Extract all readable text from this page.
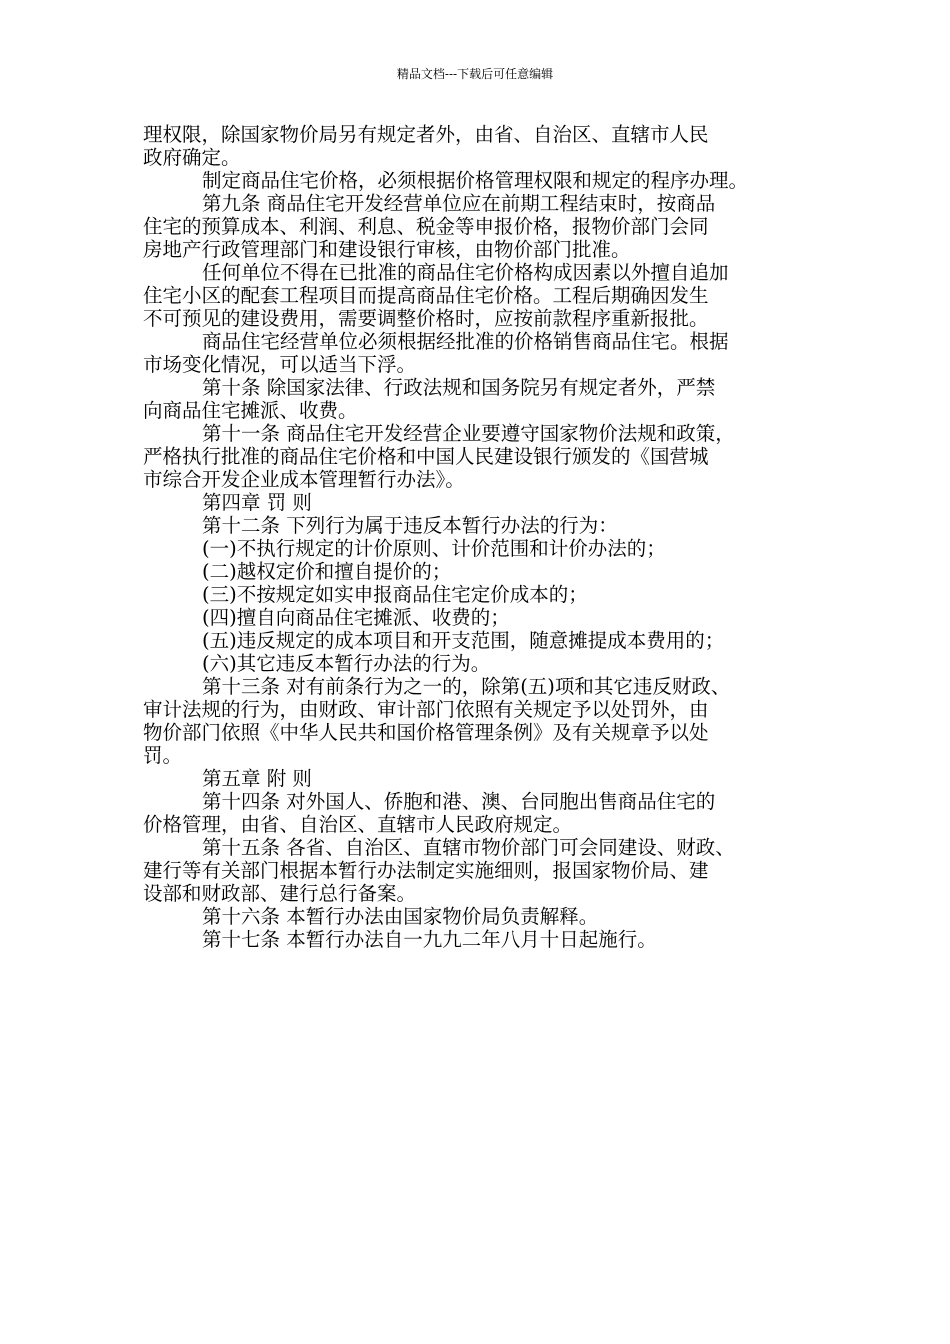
精品文档---下载后可任意编辑

理权限，除国家物价局另有规定者外，由省、自治区、直辖市人民

政府确定。

制定商品住宅价格，必须根据价格管理权限和规定的程序办理。

第九条 商品住宅开发经营单位应在前期工程结束时，按商品

住宅的预算成本、利润、利息、税金等申报价格，报物价部门会同

房地产行政管理部门和建设银行审核，由物价部门批准。

任何单位不得在已批准的商品住宅价格构成因素以外擅自追加

住宅小区的配套工程项目而提高商品住宅价格。工程后期确因发生

不可预见的建设费用，需要调整价格时，应按前款程序重新报批。

商品住宅经营单位必须根据经批准的价格销售商品住宅。根据

市场变化情况，可以适当下浮。

第十条 除国家法律、行政法规和国务院另有规定者外，严禁

向商品住宅摊派、收费。

第十一条 商品住宅开发经营企业要遵守国家物价法规和政策，

严格执行批准的商品住宅价格和中国人民建设银行颁发的《国营城

市综合开发企业成本管理暂行办法》。

第四章 罚 则

第十二条 下列行为属于违反本暂行办法的行为：

(一)不执行规定的计价原则、计价范围和计价办法的；

(二)越权定价和擅自提价的；

(三)不按规定如实申报商品住宅定价成本的；

(四)擅自向商品住宅摊派、收费的；

(五)违反规定的成本项目和开支范围，随意摊提成本费用的；

(六)其它违反本暂行办法的行为。

第十三条 对有前条行为之一的，除第(五)项和其它违反财政、

审计法规的行为，由财政、审计部门依照有关规定予以处罚外，由

物价部门依照《中华人民共和国价格管理条例》及有关规章予以处

罚。

第五章 附 则

第十四条 对外国人、侨胞和港、澳、台同胞出售商品住宅的

价格管理，由省、自治区、直辖市人民政府规定。

第十五条 各省、自治区、直辖市物价部门可会同建设、财政、

建行等有关部门根据本暂行办法制定实施细则，报国家物价局、建

设部和财政部、建行总行备案。

第十六条 本暂行办法由国家物价局负责解释。

第十七条 本暂行办法自一九九二年八月十日起施行。
